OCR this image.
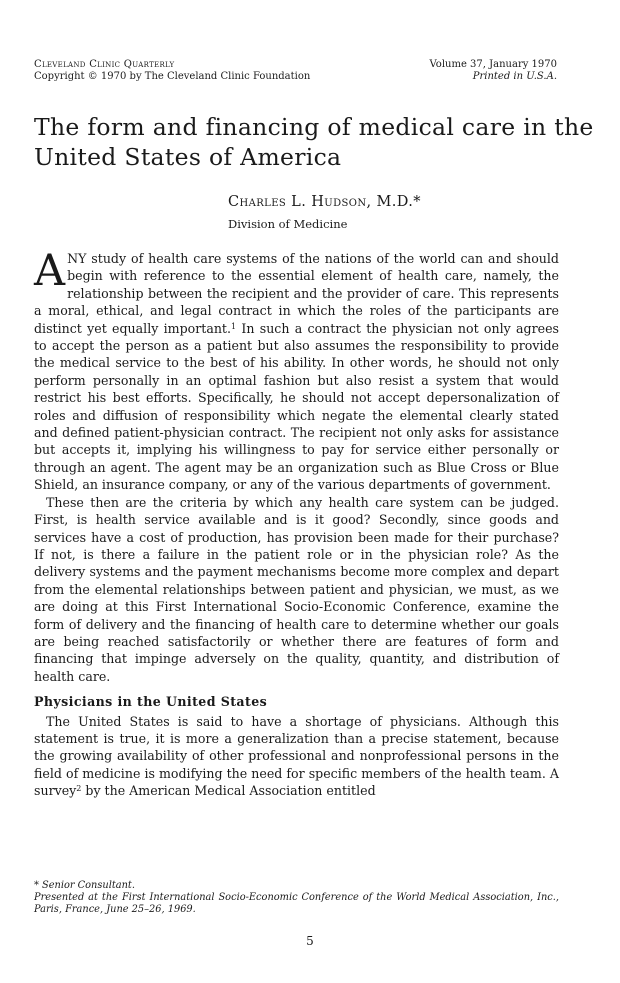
Cleveland Clinic Quarterly
Copyright © 1970 by The Cleveland Clinic Foundation
Volume 37, January 1970
Printed in U.S.A.
The form and financing of medical care in the United States of America

Charles L. Hudson, M.D.*

Division of Medicine

ANY study of health care systems of the nations of the world can and should begin with reference to the essential element of health care, namely, the relationship between the recipient and the provider of care. This represents a moral, ethical, and legal contract in which the roles of the participants are distinct yet equally important.$^1$ In such a contract the physician not only agrees to accept the person as a patient but also assumes the responsibility to provide the medical service to the best of his ability. In other words, he should not only perform personally in an optimal fashion but also resist a system that would restrict his best efforts. Specifically, he should not accept depersonalization of roles and diffusion of responsibility which negate the elemental clearly stated and defined patient-physician contract. The recipient not only asks for assistance but accepts it, implying his willingness to pay for service either personally or through an agent. The agent may be an organization such as Blue Cross or Blue Shield, an insurance company, or any of the various departments of government.

These then are the criteria by which any health care system can be judged. First, is health service available and is it good? Secondly, since goods and services have a cost of production, has provision been made for their purchase? If not, is there a failure in the patient role or in the physician role? As the delivery systems and the payment mechanisms become more complex and depart from the elemental relationships between patient and physician, we must, as we are doing at this First International Socio-Economic Conference, examine the form of delivery and the financing of health care to determine whether our goals are being reached satisfactorily or whether there are features of form and financing that impinge adversely on the quality, quantity, and distribution of health care.

Physicians in the United States

The United States is said to have a shortage of physicians. Although this statement is true, it is more a generalization than a precise statement, because the growing availability of other professional and nonprofessional persons in the field of medicine is modifying the need for specific members of the health team. A survey$^2$ by the American Medical Association entitled

* Senior Consultant.

Presented at the First International Socio-Economic Conference of the World Medical Association, Inc., Paris, France, June 25–26, 1969.

5
